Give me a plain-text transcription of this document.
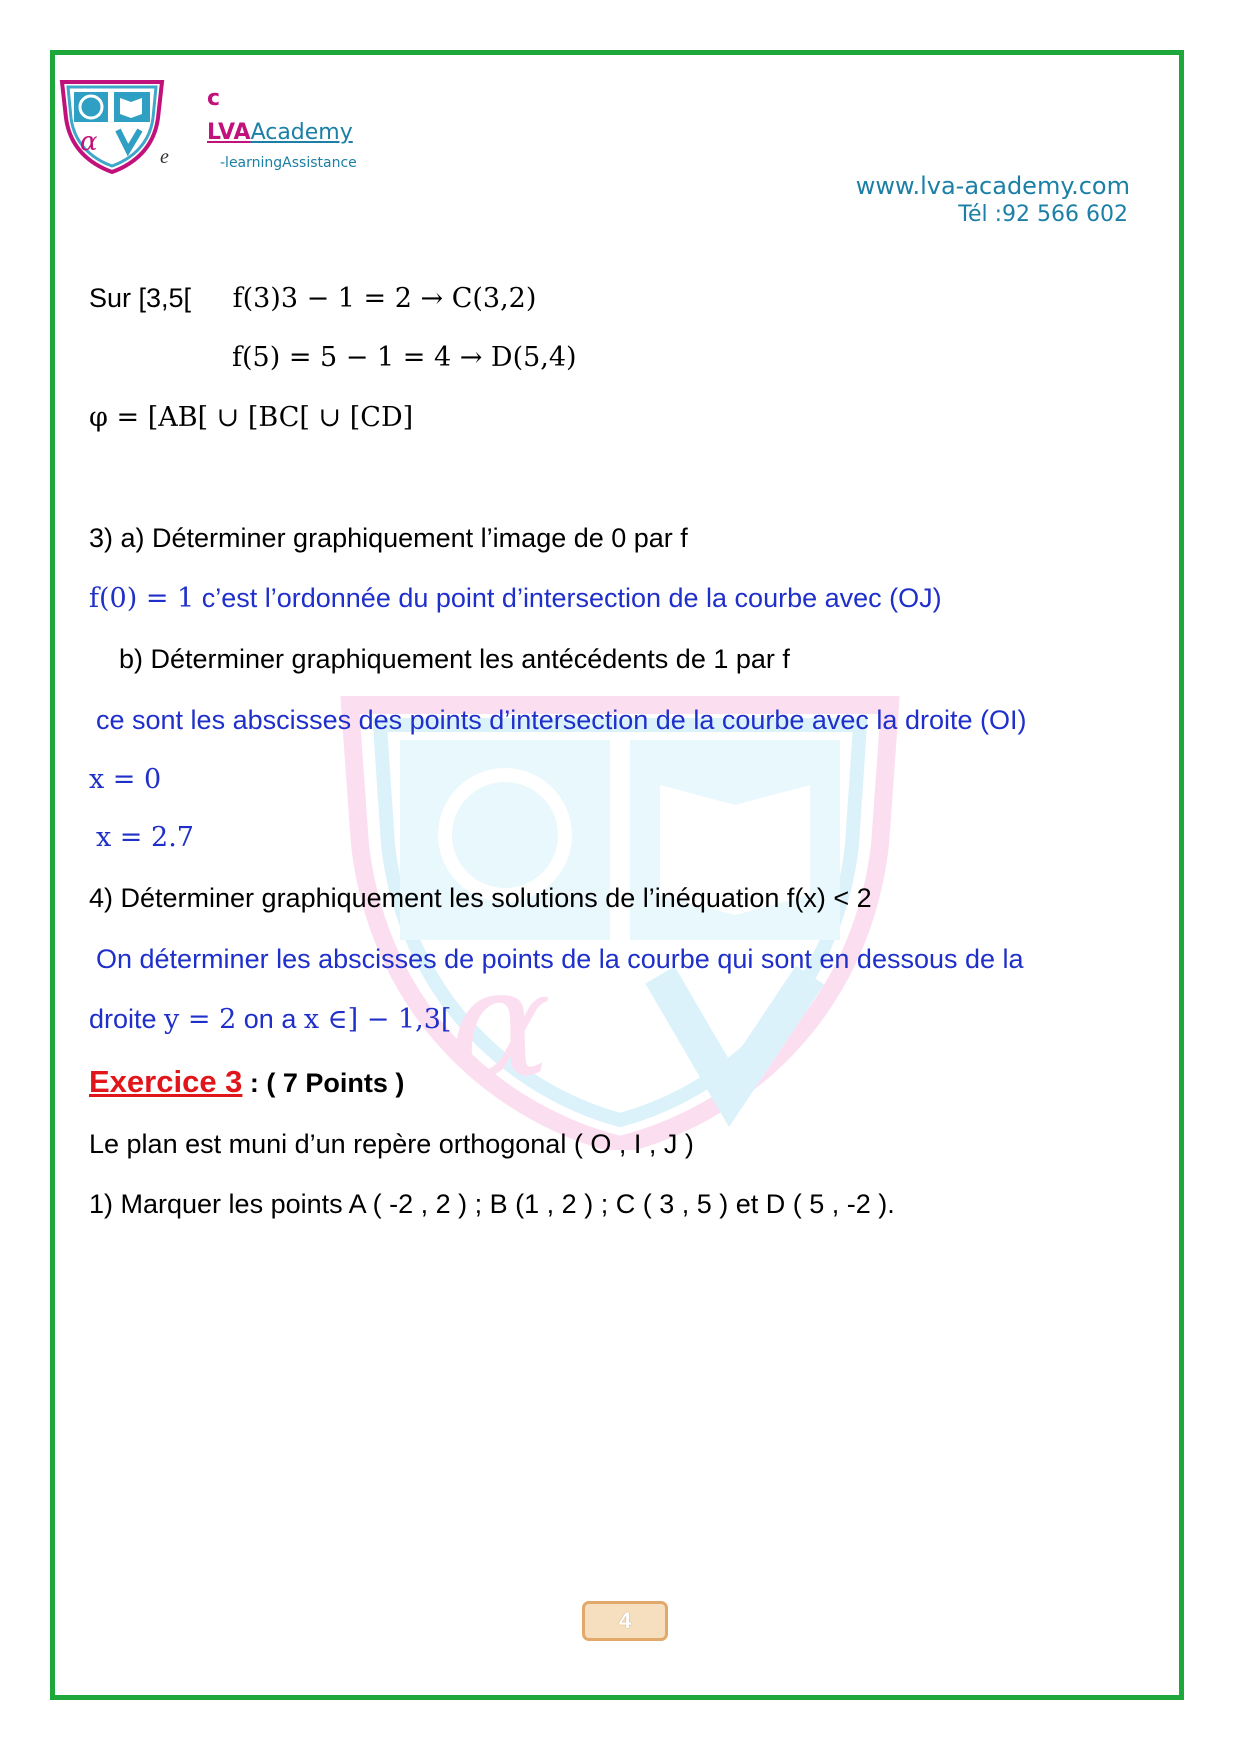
α
c
e
LVAAcademy
-learningAssistance
www.lva-academy.com
Tél :92 566 602
α
Sur [3,5[ f(3)3 − 1 = 2 → C(3,2)
f(5) = 5 − 1 = 4 → D(5,4)
φ = [AB[ ∪ [BC[ ∪ [CD]
3) a) Déterminer graphiquement l’image de 0 par f
f(0) = 1 c’est l’ordonnée du point d’intersection de la courbe avec (OJ)
b) Déterminer graphiquement les antécédents de 1 par f
ce sont les abscisses des points d’intersection de la courbe avec la droite (OI)
x = 0
x = 2.7
4) Déterminer graphiquement les solutions de l’inéquation f(x) < 2
On déterminer les abscisses de points de la courbe qui sont en dessous de la
droite y = 2 on a x ∈] − 1,3[
Exercice 3 : ( 7 Points )
Le plan est muni d’un repère orthogonal ( O , I , J )
1) Marquer les points A ( -2 , 2 ) ; B (1 , 2 ) ; C ( 3 , 5 ) et D ( 5 , -2 ).
4
